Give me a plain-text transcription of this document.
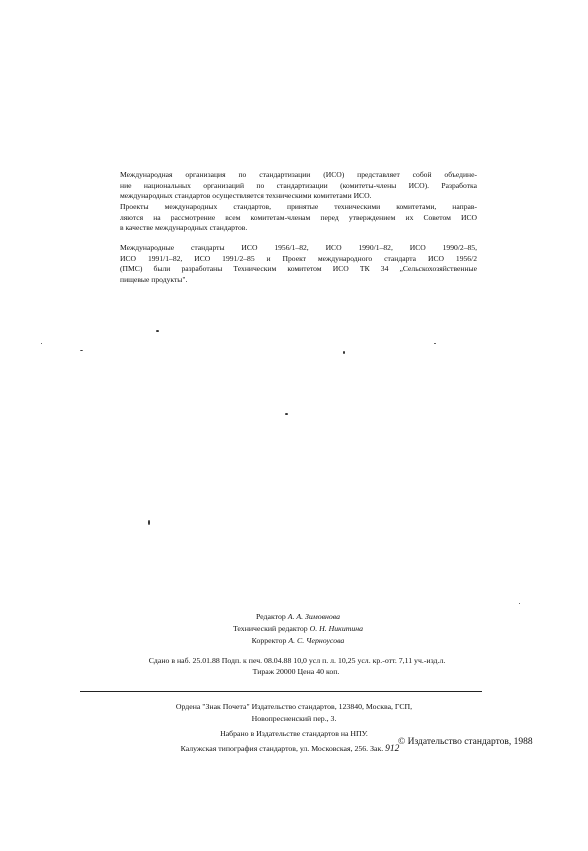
Международная организация по стандартизации (ИСО) представляет собой объедине-
ние национальных организаций по стандартизации (комитеты-члены ИСО). Разработка
международных стандартов осуществляется техническими комитетами ИСО.
Проекты международных стандартов, принятые техническими комитетами, направ-
ляются на рассмотрение всем комитетам-членам перед утверждением их Советом ИСО
в качестве международных стандартов.
Международные стандарты ИСО 1956/1–82, ИСО 1990/1–82, ИСО 1990/2–85,
ИСО 1991/1–82, ИСО 1991/2–85 и Проект международного стандарта ИСО 1956/2
(ПМС) были разработаны Техническим комитетом ИСО ТК 34 „Сельскохозяйственные
пищевые продукты".
Редактор А. А. Зимовнова
Технический редактор О. Н. Никитина
Корректор А. С. Черноусова
Сдано в наб. 25.01.88 Подп. к печ. 08.04.88 10,0 усл п. л. 10,25 усл. кр.-отт. 7,11 уч.-изд.л.
Тираж 20000 Цена 40 коп.
Ордена "Знак Почета" Издательство стандартов, 123840, Москва, ГСП,
Новопресненский пер., 3.
Набрано в Издательстве стандартов на НПУ.
Калужская типография стандартов, ул. Московская, 256. Зак. 912
© Издательство стандартов, 1988
